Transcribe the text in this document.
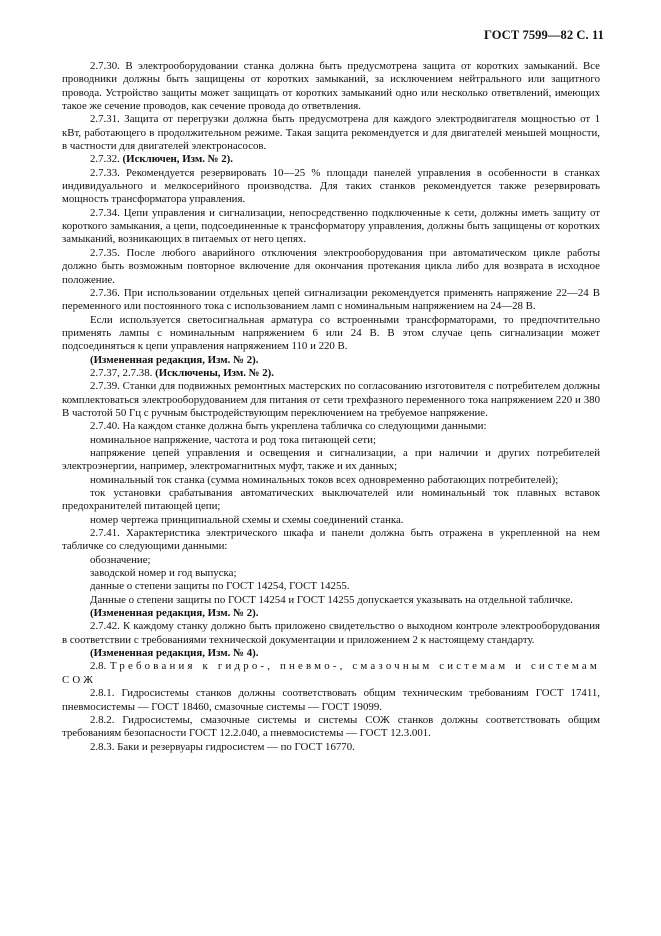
ГОСТ 7599—82 С. 11

2.7.30. В электрооборудовании станка должна быть предусмотрена защита от коротких замыканий. Все проводники должны быть защищены от коротких замыканий, за исключением нейтрального или защитного провода. Устройство защиты может защищать от коротких замыканий одно или несколько ответвлений, имеющих такое же сечение проводов, как сечение провода до ответвления.

2.7.31. Защита от перегрузки должна быть предусмотрена для каждого электродвигателя мощностью от 1 кВт, работающего в продолжительном режиме. Такая защита рекомендуется и для двигателей меньшей мощности, в частности для двигателей электронасосов.

2.7.32. (Исключен, Изм. № 2).

2.7.33. Рекомендуется резервировать 10—25 % площади панелей управления в особенности в станках индивидуального и мелкосерийного производства. Для таких станков рекомендуется также резервировать мощность трансформатора управления.

2.7.34. Цепи управления и сигнализации, непосредственно подключенные к сети, должны иметь защиту от короткого замыкания, а цепи, подсоединенные к трансформатору управления, должны быть защищены от коротких замыканий, возникающих в питаемых от него цепях.

2.7.35. После любого аварийного отключения электрооборудования при автоматическом цикле работы должно быть возможным повторное включение для окончания протекания цикла либо для возврата в исходное положение.

2.7.36. При использовании отдельных цепей сигнализации рекомендуется применять напряжение 22—24 В переменного или постоянного тока с использованием ламп с номинальным напряжением на 24—28 В.

Если используется светосигнальная арматура со встроенными трансформаторами, то предпочтительно применять лампы с номинальным напряжением 6 или 24 В. В этом случае цепь сигнализации может подсоединяться к цепи управления напряжением 110 и 220 В.

(Измененная редакция, Изм. № 2).

2.7.37, 2.7.38. (Исключены, Изм. № 2).

2.7.39. Станки для подвижных ремонтных мастерских по согласованию изготовителя с потребителем должны комплектоваться электрооборудованием для питания от сети трехфазного переменного тока напряжением 220 и 380 В частотой 50 Гц с ручным быстродействующим переключением на требуемое напряжение.

2.7.40. На каждом станке должна быть укреплена табличка со следующими данными:

номинальное напряжение, частота и род тока питающей сети;

напряжение цепей управления и освещения и сигнализации, а при наличии и других потребителей электроэнергии, например, электромагнитных муфт, также и их данных;

номинальный ток станка (сумма номинальных токов всех одновременно работающих потребителей);

ток установки срабатывания автоматических выключателей или номинальный ток плавных вставок предохранителей питающей цепи;

номер чертежа принципиальной схемы и схемы соединений станка.

2.7.41. Характеристика электрического шкафа и панели должна быть отражена в укрепленной на нем табличке со следующими данными:

обозначение;

заводской номер и год выпуска;

данные о степени защиты по ГОСТ 14254, ГОСТ 14255.

Данные о степени защиты по ГОСТ 14254 и ГОСТ 14255 допускается указывать на отдельной табличке.

(Измененная редакция, Изм. № 2).

2.7.42. К каждому станку должно быть приложено свидетельство о выходном контроле электрооборудования в соответствии с требованиями технической документации и приложением 2 к настоящему стандарту.

(Измененная редакция, Изм. № 4).

2.8. Требования к гидро-, пневмо-, смазочным системам и системам СОЖ

2.8.1. Гидросистемы станков должны соответствовать общим техническим требованиям ГОСТ 17411, пневмосистемы — ГОСТ 18460, смазочные системы — ГОСТ 19099.

2.8.2. Гидросистемы, смазочные системы и системы СОЖ станков должны соответствовать общим требованиям безопасности ГОСТ 12.2.040, а пневмосистемы — ГОСТ 12.3.001.

2.8.3. Баки и резервуары гидросистем — по ГОСТ 16770.
